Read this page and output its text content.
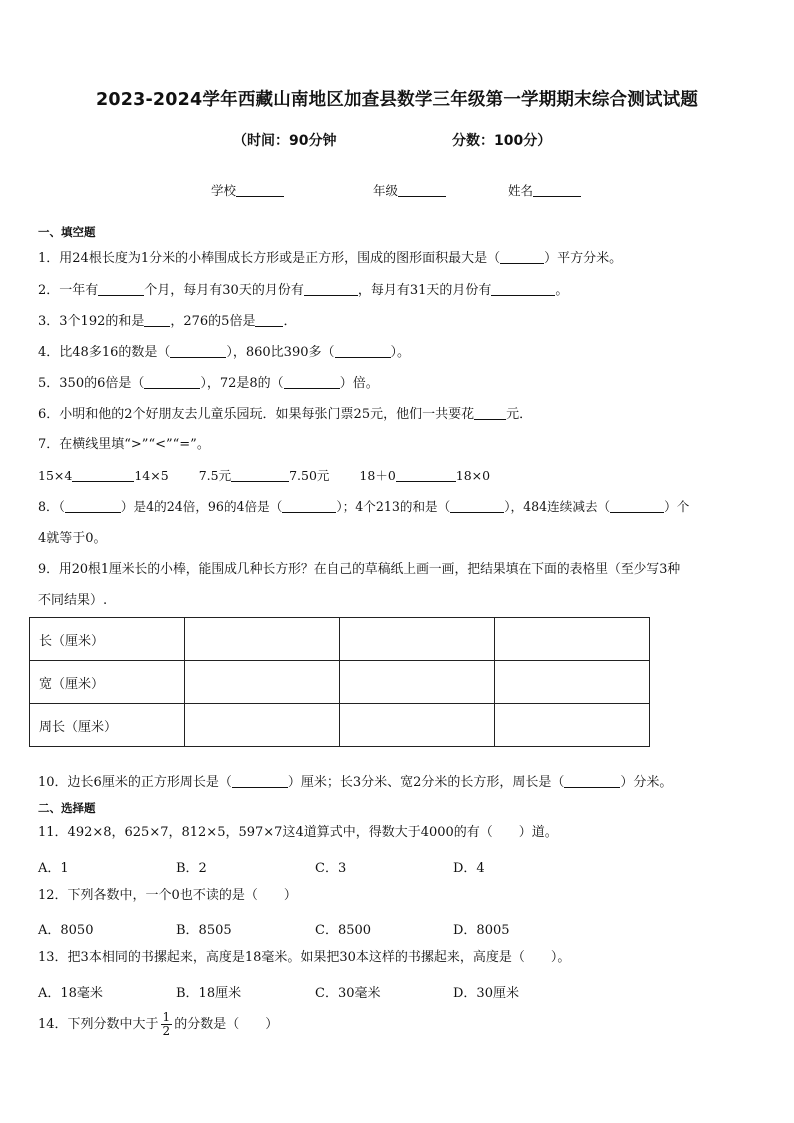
2023-2024学年西藏山南地区加查县数学三年级第一学期期末综合测试试题
（时间：90分钟	分数：100分）
学校	年级	姓名
一、填空题
1．用24根长度为1分米的小棒围成长方形或是正方形，围成的图形面积最大是（	）平方分米。
2．一年有	个月，每月有30天的月份有	，每月有31天的月份有	。
3．3个192的和是 ，276的5倍是 ．
4．比48多16的数是（	），860比390多（	）。
5．350的6倍是（	），72是8的（	）倍。
6．小明和他的2个好朋友去儿童乐园玩．如果每张门票25元，他们一共要花 元．
7．在横线里填“>”“<”“=”。
15×4	14×5 7.5元	7.50元 18＋0	18×0
8．（	）是4的24倍，96的4倍是（	）；4个213的和是（	），484连续减去（	）个
4就等于0。
9．用20根1厘米长的小棒，能围成几种长方形？在自己的草稿纸上画一画，把结果填在下面的表格里（至少写3种
不同结果）.
长（厘米）			
宽（厘米）			
周长（厘米）			
10．边长6厘米的正方形周长是（	）厘米；长3分米、宽2分米的长方形，周长是（	）分米。
二、选择题
11．492×8，625×7，812×5，597×7这4道算式中，得数大于4000的有（　　）道。
A．1	B．2	C．3	D．4
12．下列各数中，一个0也不读的是（　　）
A．8050	B．8505	C．8500	D．8005
13．把3本相同的书摞起来，高度是18毫米。如果把30本这样的书摞起来，高度是（　　）。
A．18毫米	B．18厘米	C．30毫米	D．30厘米
14．下列分数中大于 $\frac{1}{2}$ 的分数是（　　）
